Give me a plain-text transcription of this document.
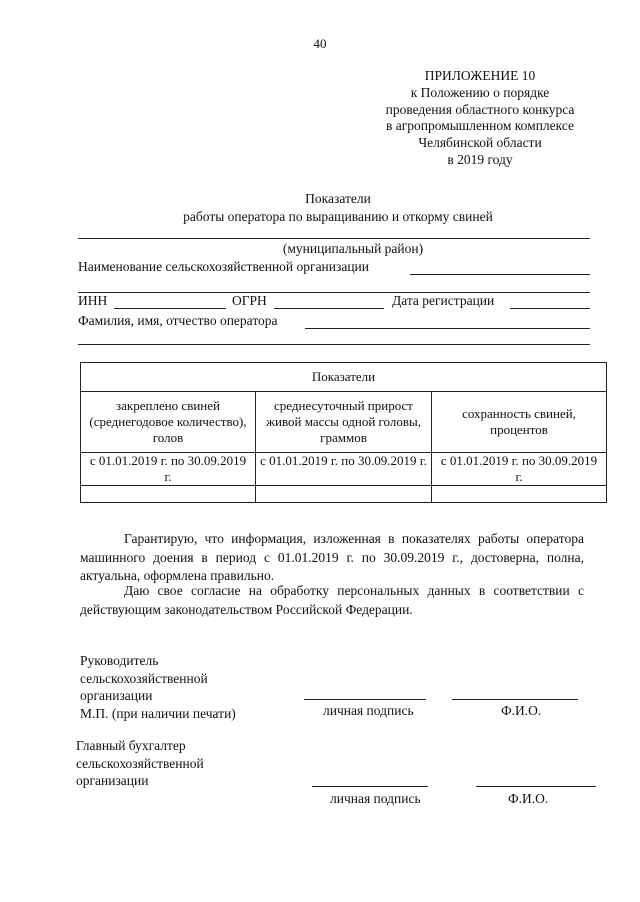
40
ПРИЛОЖЕНИЕ 10
к Положению о порядке
проведения областного конкурса
в агропромышленном комплексе
Челябинской области
в 2019 году
Показатели
работы оператора по выращиванию и откорму свиней
(муниципальный район)
Наименование сельскохозяйственной организации
ИНН	ОГРН	Дата регистрации
Фамилия, имя, отчество оператора
Показатели		
закреплено свиней (среднегодовое количество), голов	среднесуточный прирост живой массы одной головы, граммов	сохранность свиней, процентов
с 01.01.2019 г. по 30.09.2019 г.	с 01.01.2019 г. по 30.09.2019 г.	с 01.01.2019 г. по 30.09.2019 г.

Гарантирую, что информация, изложенная в показателях работы оператора машинного доения в период с 01.01.2019 г. по 30.09.2019 г., достоверна, полна, актуальна, оформлена правильно.
Даю свое согласие на обработку персональных данных в соответствии с действующим законодательством Российской Федерации.
Руководитель
сельскохозяйственной
организации
М.П. (при наличии печати)	личная подпись	Ф.И.О.
Главный бухгалтер
сельскохозяйственной
организации
личная подпись	Ф.И.О.
